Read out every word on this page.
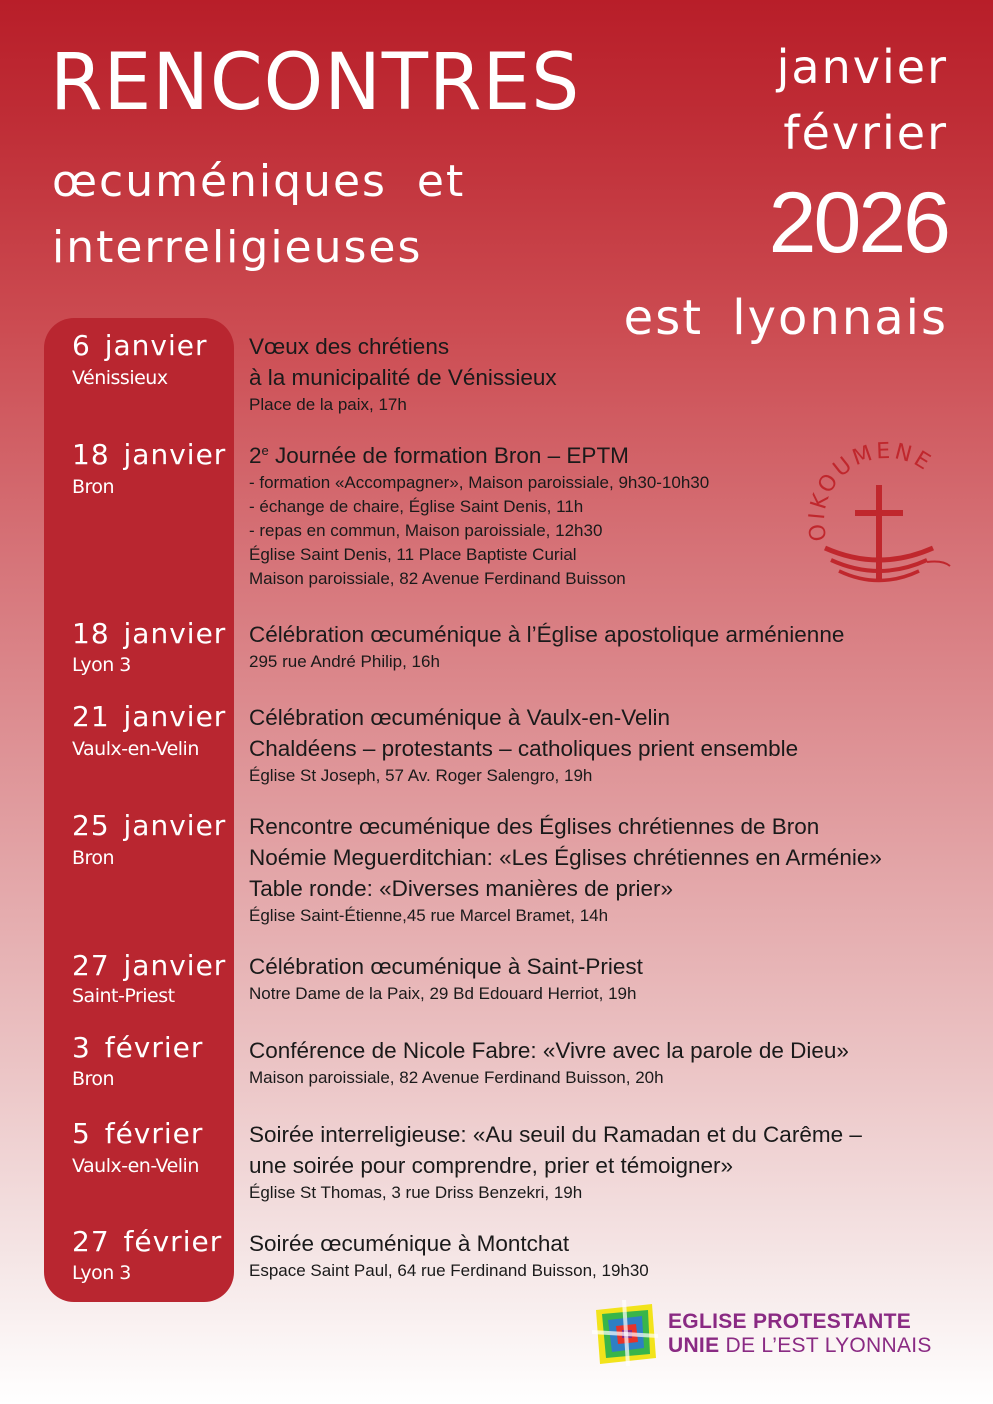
RENCONTRES
œcuméniques et
interreligieuses
janvier
février
2026
est lyonnais
6 janvier
Vénissieux
Vœux des chrétiens
à la municipalité de Vénissieux
Place de la paix, 17h
18 janvier
Bron
2e Journée de formation Bron – EPTM
- formation «Accompagner», Maison paroissiale, 9h30-10h30
- échange de chaire, Église Saint Denis, 11h
- repas en commun, Maison paroissiale, 12h30
Église Saint Denis, 11 Place Baptiste Curial
Maison paroissiale, 82 Avenue Ferdinand Buisson
18 janvier
Lyon 3
Célébration œcuménique à l’Église apostolique arménienne
295 rue André Philip, 16h
21 janvier
Vaulx-en-Velin
Célébration œcuménique à Vaulx-en-Velin
Chaldéens – protestants – catholiques prient ensemble
Église St Joseph, 57 Av. Roger Salengro, 19h
25 janvier
Bron
Rencontre œcuménique des Églises chrétiennes de Bron
Noémie Meguerditchian: «Les Églises chrétiennes en Arménie»
Table ronde: «Diverses manières de prier»
Église Saint-Étienne,45 rue Marcel Bramet, 14h
27 janvier
Saint-Priest
Célébration œcuménique à Saint-Priest
Notre Dame de la Paix, 29 Bd Edouard Herriot, 19h
3 février
Bron
Conférence de Nicole Fabre: «Vivre avec la parole de Dieu»
Maison paroissiale, 82 Avenue Ferdinand Buisson, 20h
5 février
Vaulx-en-Velin
Soirée interreligieuse: «Au seuil du Ramadan et du Carême –
une soirée pour comprendre, prier et témoigner»
Église St Thomas, 3 rue Driss Benzekri, 19h
27 février
Lyon 3
Soirée œcuménique à Montchat
Espace Saint Paul, 64 rue Ferdinand Buisson, 19h30
OIKOUMENE
EGLISE PROTESTANTE
UNIE DE L’EST LYONNAIS
